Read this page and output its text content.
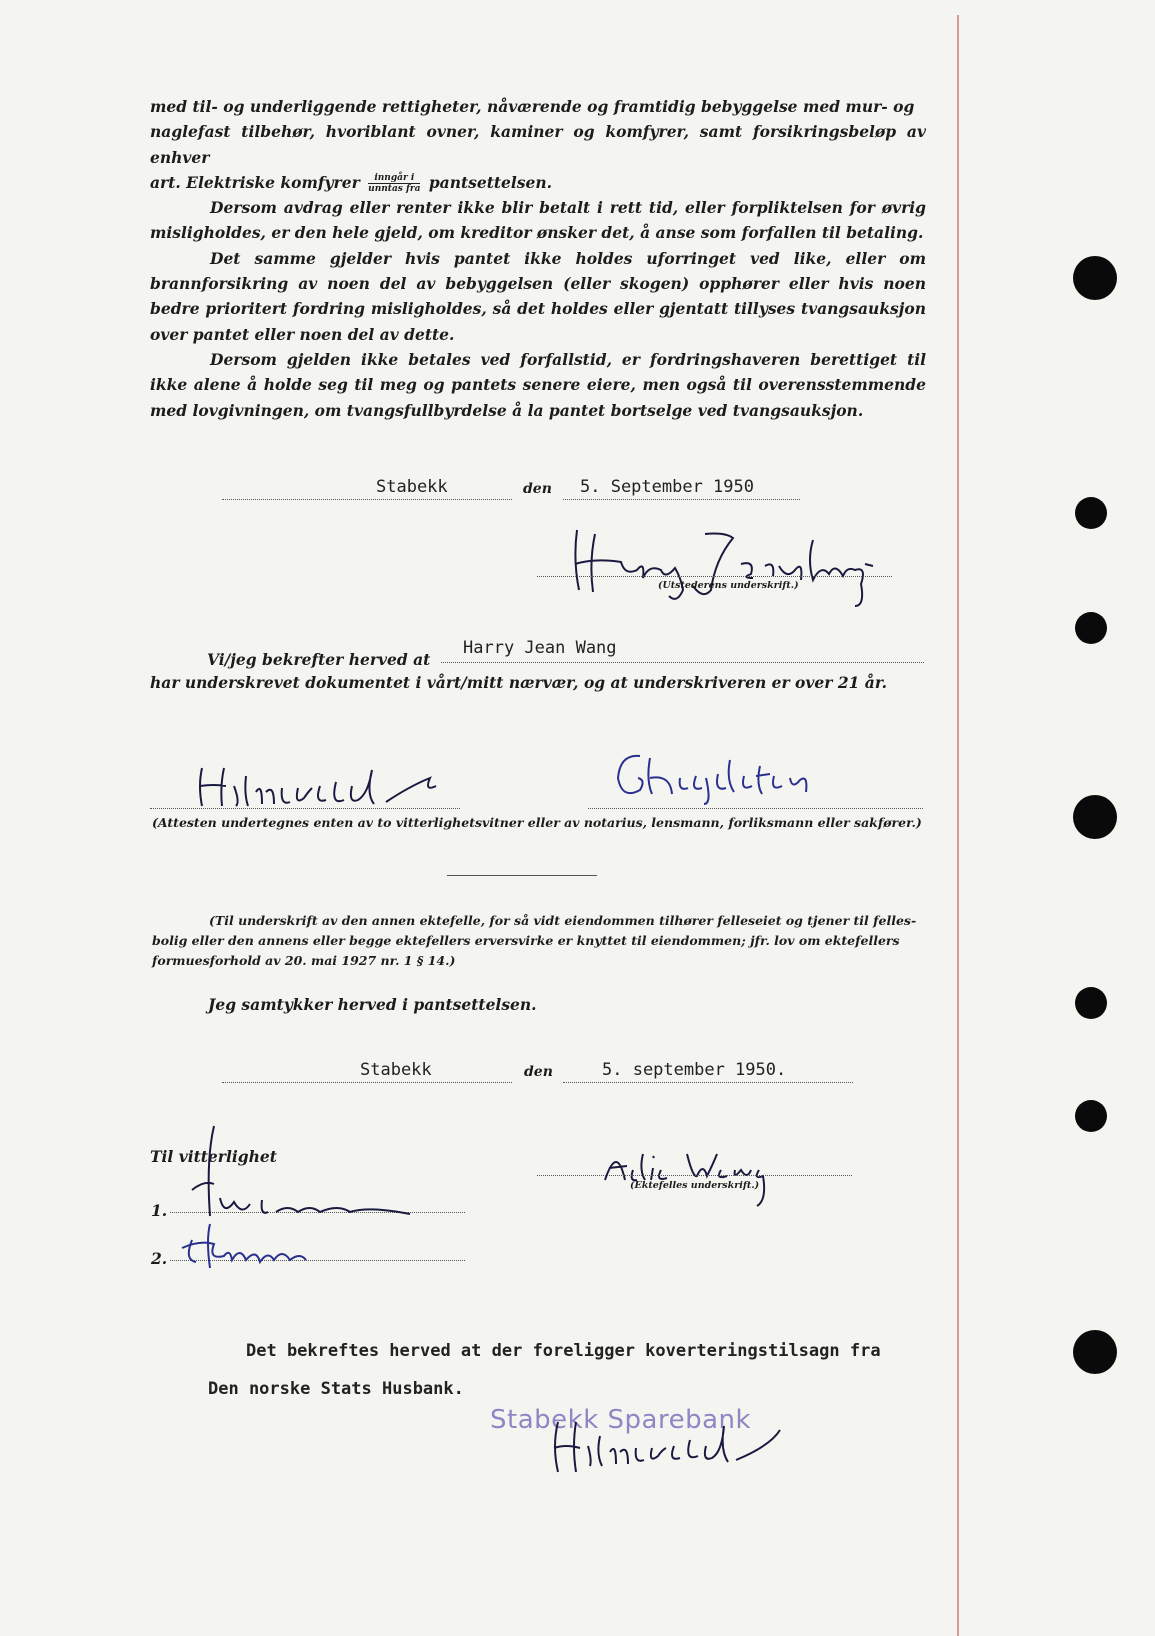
med til- og underliggende rettigheter, nåværende og framtidig bebyggelse med mur- og

naglefast tilbehør, hvoriblant ovner, kaminer og komfyrer, samt forsikringsbeløp av enhver

art. Elektriske komfyrer $\frac{\text{inngår i}}{\text{unntas fra}}$ pantsettelsen.

Dersom avdrag eller renter ikke blir betalt i rett tid, eller forpliktelsen for øvrig misligholdes, er den hele gjeld, om kreditor ønsker det, å anse som forfallen til betaling.

Det samme gjelder hvis pantet ikke holdes uforringet ved like, eller om brannforsikring av noen del av bebyggelsen (eller skogen) opphører eller hvis noen bedre prioritert fordring misligholdes, så det holdes eller gjentatt tillyses tvangsauksjon over pantet eller noen del av dette.

Dersom gjelden ikke betales ved forfallstid, er fordringshaveren berettiget til ikke alene å holde seg til meg og pantets senere eiere, men også til overensstemmende med lovgivningen, om tvangsfullbyrdelse å la pantet bortselge ved tvangsauksjon.

Stabekk	den 5. September 1950
(Utstederens underskrift.)
Vi/jeg bekrefter herved at
Harry Jean Wang
har underskrevet dokumentet i vårt/mitt nærvær, og at underskriveren er over 21 år.
(Attesten undertegnes enten av to vitterlighetsvitner eller av notarius, lensmann, forliksmann eller sakfører.)
(Til underskrift av den annen ektefelle, for så vidt eiendommen tilhører felleseiet og tjener til felles-
bolig eller den annens eller begge ektefellers erversvirke er knyttet til eiendommen; jfr. lov om ektefellers
formuesforhold av 20. mai 1927 nr. 1 § 14.)
Jeg samtykker herved i pantsettelsen.
Stabekk	den	5. september 1950.
Til vitterlighet
1.
2.
(Ektefelles underskrift.)
Det bekreftes herved at der foreligger koverteringstilsagn fra
Den norske Stats Husbank.
Stabekk Sparebank
